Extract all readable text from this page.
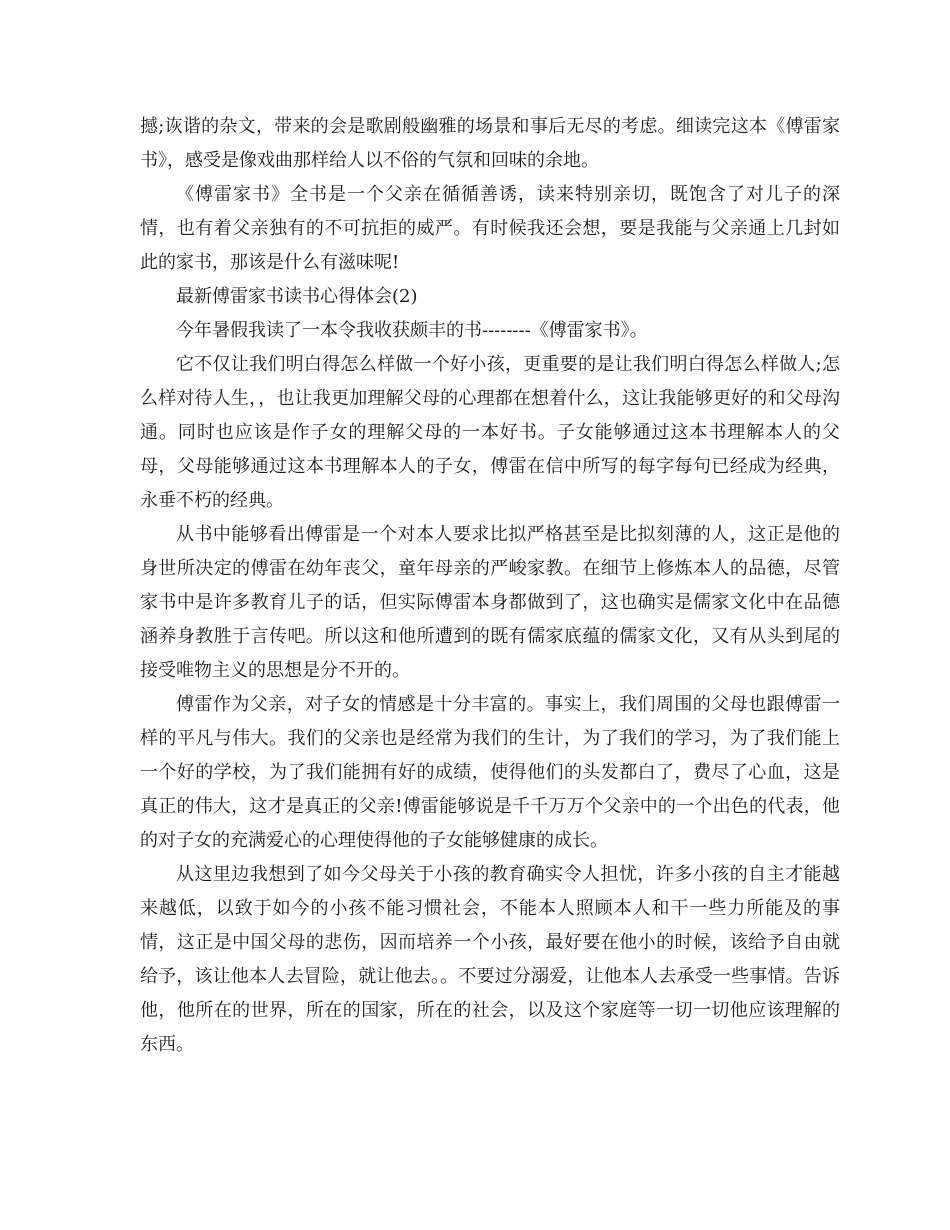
撼;诙谐的杂文，带来的会是歌剧般幽雅的场景和事后无尽的考虑。细读完这本《傅雷家书》，感受是像戏曲那样给人以不俗的气氛和回味的余地。

《傅雷家书》全书是一个父亲在循循善诱，读来特别亲切，既饱含了对儿子的深情，也有着父亲独有的不可抗拒的威严。有时候我还会想，要是我能与父亲通上几封如此的家书，那该是什么有滋味呢!

最新傅雷家书读书心得体会(2)

今年暑假我读了一本令我收获颇丰的书--------《傅雷家书》。

它不仅让我们明白得怎么样做一个好小孩，更重要的是让我们明白得怎么样做人;怎么样对待人生，，也让我更加理解父母的心理都在想着什么，这让我能够更好的和父母沟通。同时也应该是作子女的理解父母的一本好书。子女能够通过这本书理解本人的父母，父母能够通过这本书理解本人的子女，傅雷在信中所写的每字每句已经成为经典，永垂不朽的经典。

从书中能够看出傅雷是一个对本人要求比拟严格甚至是比拟刻薄的人，这正是他的身世所决定的傅雷在幼年丧父，童年母亲的严峻家教。在细节上修炼本人的品德，尽管家书中是许多教育儿子的话，但实际傅雷本身都做到了，这也确实是儒家文化中在品德涵养身教胜于言传吧。所以这和他所遭到的既有儒家底蕴的儒家文化，又有从头到尾的接受唯物主义的思想是分不开的。

傅雷作为父亲，对子女的情感是十分丰富的。事实上，我们周围的父母也跟傅雷一样的平凡与伟大。我们的父亲也是经常为我们的生计，为了我们的学习，为了我们能上一个好的学校，为了我们能拥有好的成绩，使得他们的头发都白了，费尽了心血，这是真正的伟大，这才是真正的父亲!傅雷能够说是千千万万个父亲中的一个出色的代表，他的对子女的充满爱心的心理使得他的子女能够健康的成长。

从这里边我想到了如今父母关于小孩的教育确实令人担忧，许多小孩的自主才能越来越低，以致于如今的小孩不能习惯社会，不能本人照顾本人和干一些力所能及的事情，这正是中国父母的悲伤，因而培养一个小孩，最好要在他小的时候，该给予自由就给予，该让他本人去冒险，就让他去。。不要过分溺爱，让他本人去承受一些事情。告诉他，他所在的世界，所在的国家，所在的社会，以及这个家庭等一切一切他应该理解的东西。
